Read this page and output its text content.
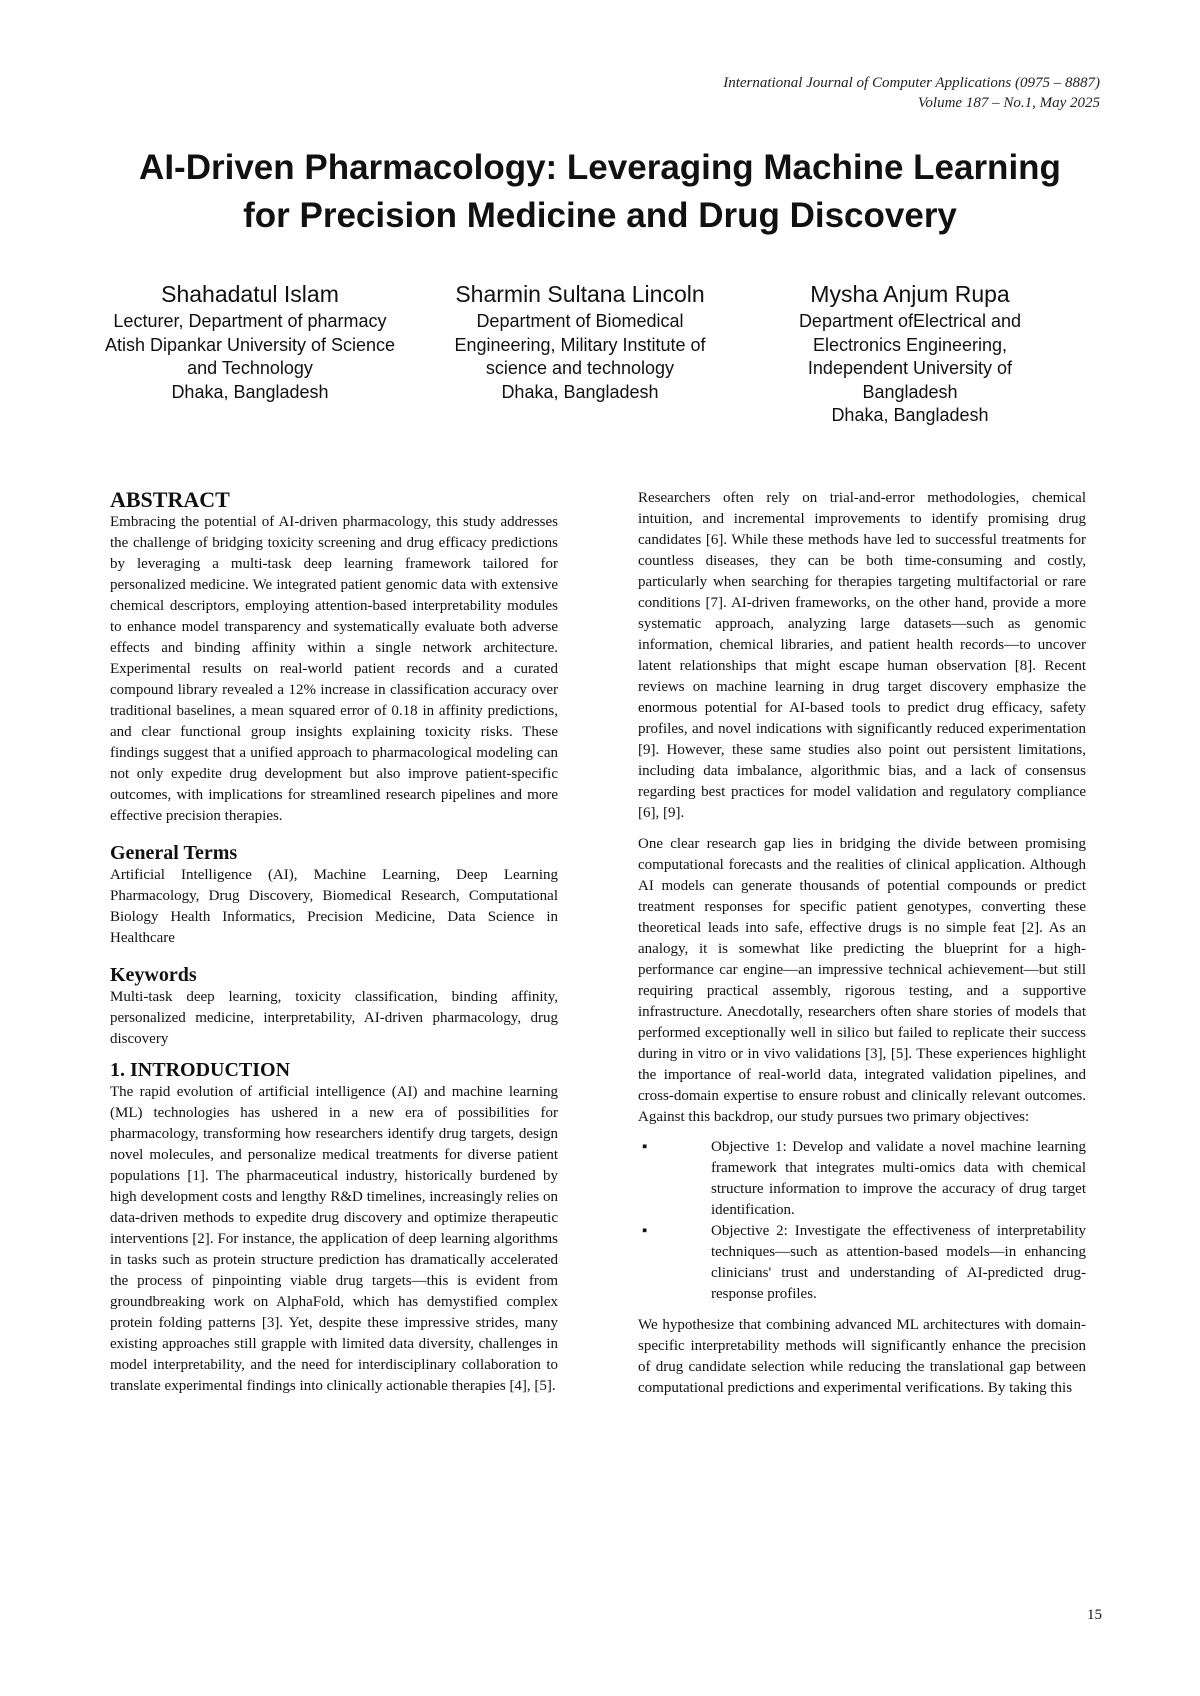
International Journal of Computer Applications (0975 – 8887)
Volume 187 – No.1, May 2025
AI-Driven Pharmacology: Leveraging Machine Learning
for Precision Medicine and Drug Discovery
Shahadatul Islam
Lecturer, Department of pharmacy
Atish Dipankar University of Science
and Technology
Dhaka, Bangladesh
Sharmin Sultana Lincoln
Department of Biomedical
Engineering, Military Institute of
science and technology
Dhaka, Bangladesh
Mysha Anjum Rupa
Department ofElectrical and
Electronics Engineering,
Independent University of
Bangladesh
Dhaka, Bangladesh
ABSTRACT

Embracing the potential of AI-driven pharmacology, this study addresses the challenge of bridging toxicity screening and drug efficacy predictions by leveraging a multi-task deep learning framework tailored for personalized medicine. We integrated patient genomic data with extensive chemical descriptors, employing attention-based interpretability modules to enhance model transparency and systematically evaluate both adverse effects and binding affinity within a single network architecture. Experimental results on real-world patient records and a curated compound library revealed a 12% increase in classification accuracy over traditional baselines, a mean squared error of 0.18 in affinity predictions, and clear functional group insights explaining toxicity risks. These findings suggest that a unified approach to pharmacological modeling can not only expedite drug development but also improve patient-specific outcomes, with implications for streamlined research pipelines and more effective precision therapies.

General Terms

Artificial Intelligence (AI), Machine Learning, Deep Learning Pharmacology, Drug Discovery, Biomedical Research, Computational Biology Health Informatics, Precision Medicine, Data Science in Healthcare

Keywords

Multi-task deep learning, toxicity classification, binding affinity, personalized medicine, interpretability, AI-driven pharmacology, drug discovery

1. INTRODUCTION

The rapid evolution of artificial intelligence (AI) and machine learning (ML) technologies has ushered in a new era of possibilities for pharmacology, transforming how researchers identify drug targets, design novel molecules, and personalize medical treatments for diverse patient populations [1]. The pharmaceutical industry, historically burdened by high development costs and lengthy R&D timelines, increasingly relies on data-driven methods to expedite drug discovery and optimize therapeutic interventions [2]. For instance, the application of deep learning algorithms in tasks such as protein structure prediction has dramatically accelerated the process of pinpointing viable drug targets—this is evident from groundbreaking work on AlphaFold, which has demystified complex protein folding patterns [3]. Yet, despite these impressive strides, many existing approaches still grapple with limited data diversity, challenges in model interpretability, and the need for interdisciplinary collaboration to translate experimental findings into clinically actionable therapies [4], [5].

Researchers often rely on trial-and-error methodologies, chemical intuition, and incremental improvements to identify promising drug candidates [6]. While these methods have led to successful treatments for countless diseases, they can be both time-consuming and costly, particularly when searching for therapies targeting multifactorial or rare conditions [7]. AI-driven frameworks, on the other hand, provide a more systematic approach, analyzing large datasets—such as genomic information, chemical libraries, and patient health records—to uncover latent relationships that might escape human observation [8]. Recent reviews on machine learning in drug target discovery emphasize the enormous potential for AI-based tools to predict drug efficacy, safety profiles, and novel indications with significantly reduced experimentation [9]. However, these same studies also point out persistent limitations, including data imbalance, algorithmic bias, and a lack of consensus regarding best practices for model validation and regulatory compliance [6], [9].

One clear research gap lies in bridging the divide between promising computational forecasts and the realities of clinical application. Although AI models can generate thousands of potential compounds or predict treatment responses for specific patient genotypes, converting these theoretical leads into safe, effective drugs is no simple feat [2]. As an analogy, it is somewhat like predicting the blueprint for a high-performance car engine—an impressive technical achievement—but still requiring practical assembly, rigorous testing, and a supportive infrastructure. Anecdotally, researchers often share stories of models that performed exceptionally well in silico but failed to replicate their success during in vitro or in vivo validations [3], [5]. These experiences highlight the importance of real-world data, integrated validation pipelines, and cross-domain expertise to ensure robust and clinically relevant outcomes. Against this backdrop, our study pursues two primary objectives:

▪	Objective 1: Develop and validate a novel machine learning framework that integrates multi-omics data with chemical structure information to improve the accuracy of drug target identification.
▪	Objective 2: Investigate the effectiveness of interpretability techniques—such as attention-based models—in enhancing clinicians' trust and understanding of AI-predicted drug-response profiles.

We hypothesize that combining advanced ML architectures with domain-specific interpretability methods will significantly enhance the precision of drug candidate selection while reducing the translational gap between computational predictions and experimental verifications. By taking this

15
